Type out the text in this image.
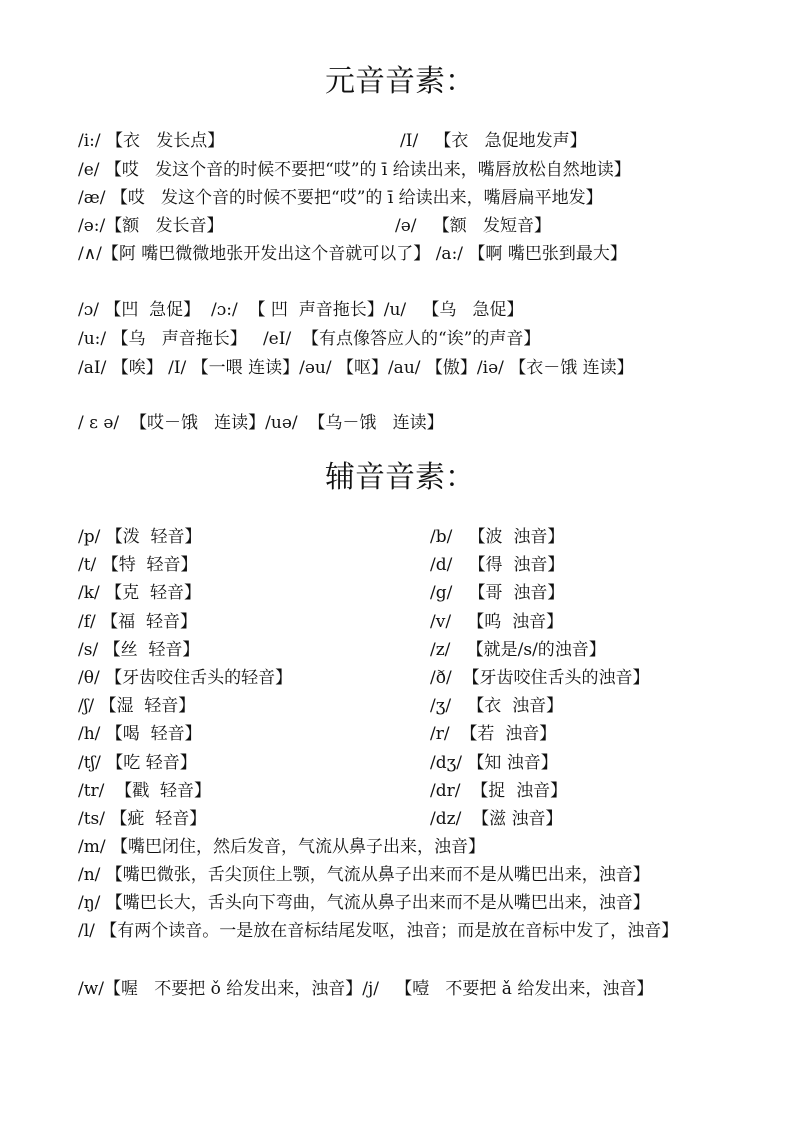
元音音素：
/i:/ 【衣   发长点】	/I/   【衣   急促地发声】
/e/ 【哎   发这个音的时候不要把“哎”的 ī 给读出来，嘴唇放松自然地读】
/æ/ 【哎   发这个音的时候不要把“哎”的 ī 给读出来，嘴唇扁平地发】
/ə:/【额   发长音】	/ə/   【额   发短音】
/∧/【阿 嘴巴微微地张开发出这个音就可以了】 /a:/ 【啊 嘴巴张到最大】
/ɔ/ 【凹  急促】  /ɔ:/  【 凹  声音拖长】/u/   【乌   急促】
/u:/ 【乌   声音拖长】   /eI/  【有点像答应人的“诶”的声音】
/aI/ 【唉】 /I/ 【一喂 连读】/əu/ 【呕】/au/ 【傲】/iə/ 【衣－饿 连读】
/ ε ə/  【哎－饿   连读】/uə/  【乌－饿   连读】
辅音音素：
/p/ 【泼  轻音】	/b/   【波  浊音】
/t/ 【特  轻音】	/d/   【得  浊音】
/k/ 【克  轻音】	/g/   【哥  浊音】
/f/ 【福  轻音】	/v/   【呜  浊音】
/s/ 【丝  轻音】	/z/   【就是/s/的浊音】
/θ/ 【牙齿咬住舌头的轻音】	/ð/  【牙齿咬住舌头的浊音】
/ʃ/ 【湿  轻音】	/ʒ/   【衣  浊音】
/h/ 【喝  轻音】	/r/  【若  浊音】
/tʃ/ 【吃 轻音】	/dʒ/ 【知 浊音】
/tr/  【戳  轻音】	/dr/  【捉  浊音】
/ts/ 【疵  轻音】	/dz/  【滋 浊音】
/m/ 【嘴巴闭住，然后发音，气流从鼻子出来，浊音】
/n/ 【嘴巴微张，舌尖顶住上颚，气流从鼻子出来而不是从嘴巴出来，浊音】
/ŋ/ 【嘴巴长大，舌头向下弯曲，气流从鼻子出来而不是从嘴巴出来，浊音】
/l/ 【有两个读音。一是放在音标结尾发呕，浊音；而是放在音标中发了，浊音】
/w/【喔   不要把 ǒ 给发出来，浊音】/j/   【噎   不要把 ǎ 给发出来，浊音】
